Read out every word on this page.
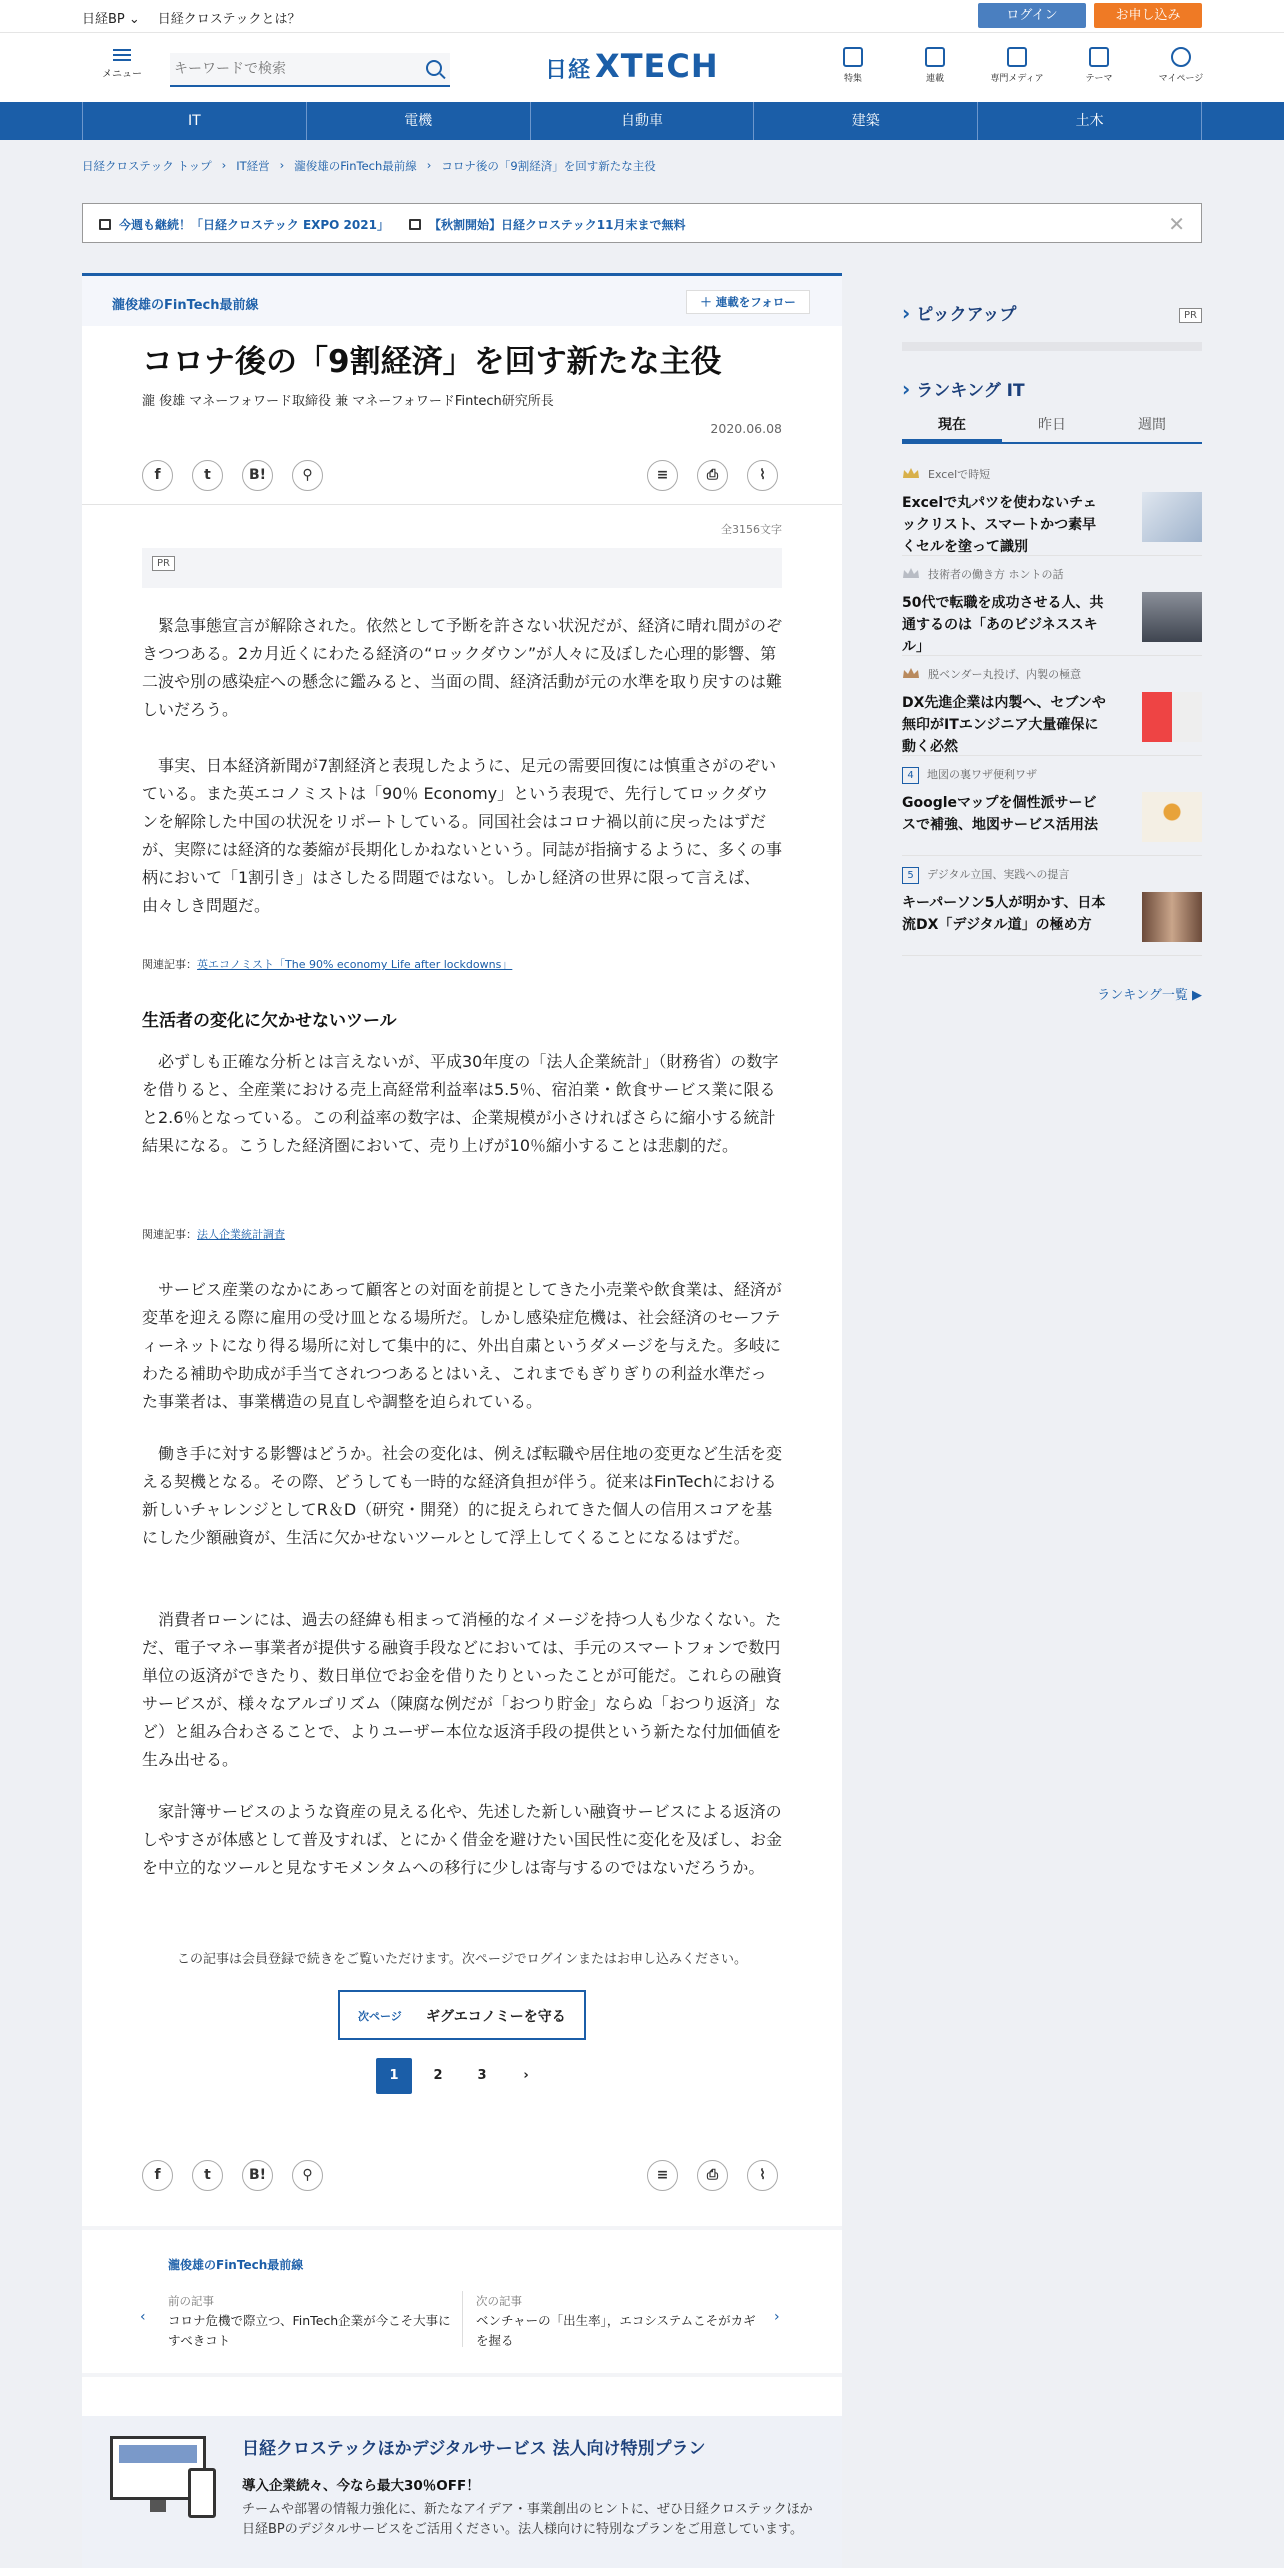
日経BP ⌄ 日経クロステックとは？	ログイン	お申し込み
メニュー
キーワードで検索	日経 XTECH	特集	連載	専門メディア	テーマ	マイページ
IT	電機	自動車	建築	土木
日経クロステック トップ › IT経営 › 瀧俊雄のFinTech最前線 › コロナ後の「9割経済」を回す新たな主役
今週も継続！「日経クロステック EXPO 2021」	【秋割開始】日経クロステック11月末まで無料	✕
瀧俊雄のFinTech最前線	＋ 連載をフォロー
コロナ後の「9割経済」を回す新たな主役
瀧 俊雄 マネーフォワード取締役 兼 マネーフォワードFintech研究所長
2020.06.08
f	t	B!	⚲	≡	⎙	⌇
全3156文字
PR

緊急事態宣言が解除された。依然として予断を許さない状況だが、経済に晴れ間がのぞきつつある。2カ月近くにわたる経済の“ロックダウン”が人々に及ぼした心理的影響、第二波や別の感染症への懸念に鑑みると、当面の間、経済活動が元の水準を取り戻すのは難しいだろう。

事実、日本経済新聞が7割経済と表現したように、足元の需要回復には慎重さがのぞいている。また英エコノミストは「90％ Economy」という表現で、先行してロックダウンを解除した中国の状況をリポートしている。同国社会はコロナ禍以前に戻ったはずだが、実際には経済的な萎縮が長期化しかねないという。同誌が指摘するように、多くの事柄において「1割引き」はさしたる問題ではない。しかし経済の世界に限って言えば、由々しき問題だ。

関連記事：英エコノミスト「The 90% economy Life after lockdowns」
生活者の変化に欠かせないツール

必ずしも正確な分析とは言えないが、平成30年度の「法人企業統計」（財務省）の数字を借りると、全産業における売上高経常利益率は5.5％、宿泊業・飲食サービス業に限ると2.6％となっている。この利益率の数字は、企業規模が小さければさらに縮小する統計結果になる。こうした経済圏において、売り上げが10％縮小することは悲劇的だ。

関連記事：法人企業統計調査

サービス産業のなかにあって顧客との対面を前提としてきた小売業や飲食業は、経済が変革を迎える際に雇用の受け皿となる場所だ。しかし感染症危機は、社会経済のセーフティーネットになり得る場所に対して集中的に、外出自粛というダメージを与えた。多岐にわたる補助や助成が手当てされつつあるとはいえ、これまでもぎりぎりの利益水準だった事業者は、事業構造の見直しや調整を迫られている。

働き手に対する影響はどうか。社会の変化は、例えば転職や居住地の変更など生活を変える契機となる。その際、どうしても一時的な経済負担が伴う。従来はFinTechにおける新しいチャレンジとしてR＆D（研究・開発）的に捉えられてきた個人の信用スコアを基にした少額融資が、生活に欠かせないツールとして浮上してくることになるはずだ。

消費者ローンには、過去の経緯も相まって消極的なイメージを持つ人も少なくない。ただ、電子マネー事業者が提供する融資手段などにおいては、手元のスマートフォンで数円単位の返済ができたり、数日単位でお金を借りたりといったことが可能だ。これらの融資サービスが、様々なアルゴリズム（陳腐な例だが「おつり貯金」ならぬ「おつり返済」など）と組み合わさることで、よりユーザー本位な返済手段の提供という新たな付加価値を生み出せる。

家計簿サービスのような資産の見える化や、先述した新しい融資サービスによる返済のしやすさが体感として普及すれば、とにかく借金を避けたい国民性に変化を及ぼし、お金を中立的なツールと見なすモメンタムへの移行に少しは寄与するのではないだろうか。

この記事は会員登録で続きをご覧いただけます。次ページでログインまたはお申し込みください。
次ページ ギグエコノミーを守る
1	2	3	›
f	t	B!	⚲	≡	⎙	⌇
瀧俊雄のFinTech最前線
‹
前の記事
コロナ危機で際立つ、FinTech企業が今こそ大事にすべきコト
次の記事
ベンチャーの「出生率」，エコシステムこそがカギを握る
›
日経クロステックほかデジタルサービス 法人向け特別プラン
導入企業続々、今なら最大30％OFF！
チームや部署の情報力強化に、新たなアイデア・事業創出のヒントに、ぜひ日経クロステックほか日経BPのデジタルサービスをご活用ください。法人様向けに特別なプランをご用意しています。
› ピックアップ	PR
› ランキング IT
現在	昨日	週間
Excelで時短
Excelで丸パツを使わないチェックリスト、スマートかつ素早くセルを塗って識別
技術者の働き方 ホントの話
50代で転職を成功させる人、共通するのは「あのビジネススキル」
脱ベンダー丸投げ、内製の極意
DX先進企業は内製へ、セブンや無印がITエンジニア大量確保に動く必然
4 地図の裏ワザ便利ワザ
Googleマップを個性派サービスで補強、地図サービス活用法
5 デジタル立国、実践への提言
キーパーソン5人が明かす、日本流DX「デジタル道」の極め方
ランキング一覧 ▶
